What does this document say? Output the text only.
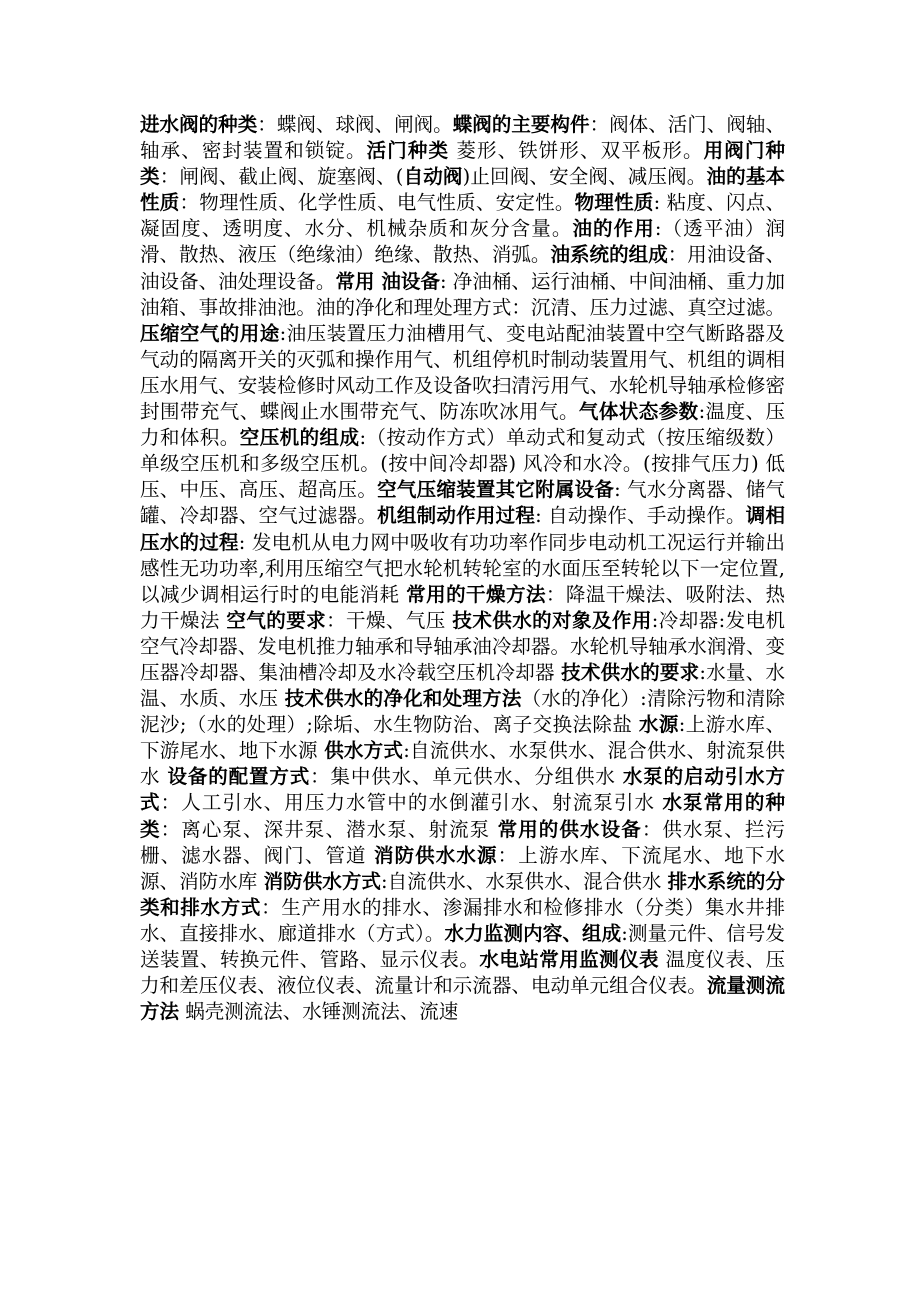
进水阀的种类：蝶阀、球阀、闸阀。蝶阀的主要构件：阀体、活门、阀轴、轴承、密封装置和锁锭。活门种类 菱形、铁饼形、双平板形。用阀门种类：闸阀、截止阀、旋塞阀、(自动阀)止回阀、安全阀、减压阀。油的基本性质：物理性质、化学性质、电气性质、安定性。物理性质: 粘度、闪点、凝固度、透明度、水分、机械杂质和灰分含量。油的作用:（透平油）润滑、散热、液压（绝缘油）绝缘、散热、消弧。油系统的组成：用油设备、 油设备、油处理设备。常用 油设备: 净油桶、运行油桶、中间油桶、重力加油箱、事故排油池。油的净化和理处理方式：沉清、压力过滤、真空过滤。压缩空气的用途:油压装置压力油槽用气、变电站配油装置中空气断路器及气动的隔离开关的灭弧和操作用气、机组停机时制动装置用气、机组的调相压水用气、安装检修时风动工作及设备吹扫清污用气、水轮机导轴承检修密封围带充气、蝶阀止水围带充气、防冻吹冰用气。气体状态参数:温度、压力和体积。空压机的组成:（按动作方式）单动式和复动式（按压缩级数）单级空压机和多级空压机。(按中间冷却器) 风冷和水冷。(按排气压力) 低压、中压、高压、超高压。空气压缩装置其它附属设备: 气水分离器、储气罐、冷却器、空气过滤器。机组制动作用过程: 自动操作、手动操作。调相压水的过程: 发电机从电力网中吸收有功功率作同步电动机工况运行并输出感性无功功率,利用压缩空气把水轮机转轮室的水面压至转轮以下一定位置,以减少调相运行时的电能消耗 常用的干燥方法：降温干燥法、吸附法、热力干燥法 空气的要求：干燥、气压 技术供水的对象及作用:冷却器:发电机空气冷却器、发电机推力轴承和导轴承油冷却器。水轮机导轴承水润滑、变压器冷却器、集油槽冷却及水冷载空压机冷却器 技术供水的要求:水量、水温、水质、水压 技术供水的净化和处理方法（水的净化）:清除污物和清除泥沙;（水的处理）;除垢、水生物防治、离子交换法除盐 水源:上游水库、下游尾水、地下水源 供水方式:自流供水、水泵供水、混合供水、射流泵供水 设备的配置方式：集中供水、单元供水、分组供水 水泵的启动引水方式：人工引水、用压力水管中的水倒灌引水、射流泵引水 水泵常用的种类：离心泵、深井泵、潜水泵、射流泵 常用的供水设备：供水泵、拦污栅、滤水器、阀门、管道 消防供水水源：上游水库、下流尾水、地下水源、消防水库 消防供水方式:自流供水、水泵供水、混合供水 排水系统的分类和排水方式：生产用水的排水、渗漏排水和检修排水（分类）集水井排水、直接排水、廊道排水（方式）。水力监测内容、组成:测量元件、信号发送装置、转换元件、管路、显示仪表。水电站常用监测仪表 温度仪表、压力和差压仪表、液位仪表、流量计和示流器、电动单元组合仪表。流量测流方法 蜗壳测流法、水锤测流法、流速
